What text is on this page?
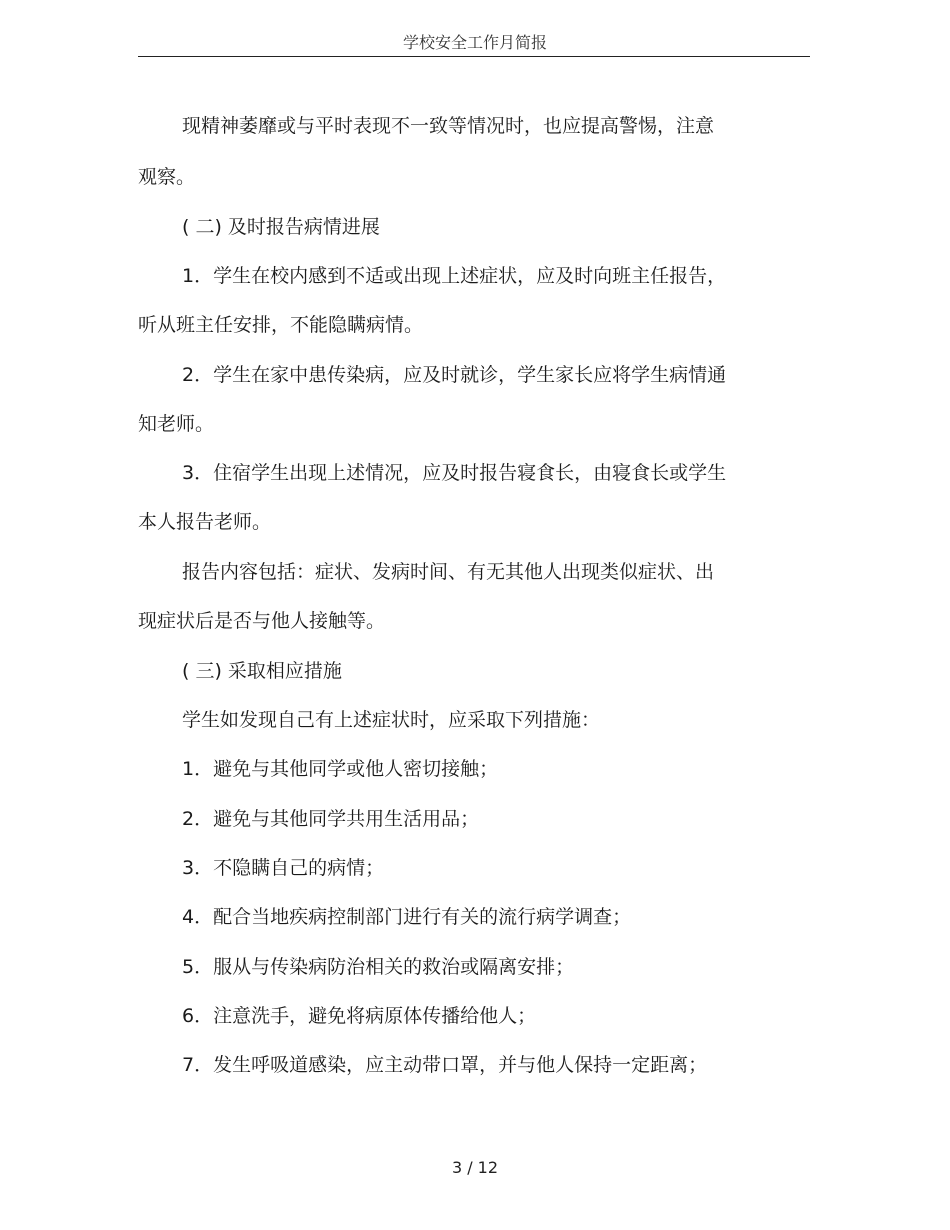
学校安全工作月简报
现精神萎靡或与平时表现不一致等情况时，也应提高警惕，注意
观察。
( 二) 及时报告病情进展
1．学生在校内感到不适或出现上述症状，应及时向班主任报告，
听从班主任安排，不能隐瞒病情。
2．学生在家中患传染病，应及时就诊，学生家长应将学生病情通
知老师。
3．住宿学生出现上述情况，应及时报告寝食长，由寝食长或学生
本人报告老师。
报告内容包括：症状、发病时间、有无其他人出现类似症状、出
现症状后是否与他人接触等。
( 三) 采取相应措施
学生如发现自己有上述症状时，应采取下列措施：
1．避免与其他同学或他人密切接触；
2．避免与其他同学共用生活用品；
3．不隐瞒自己的病情；
4．配合当地疾病控制部门进行有关的流行病学调查；
5．服从与传染病防治相关的救治或隔离安排；
6．注意洗手，避免将病原体传播给他人；
7．发生呼吸道感染，应主动带口罩，并与他人保持一定距离；
3 / 12
